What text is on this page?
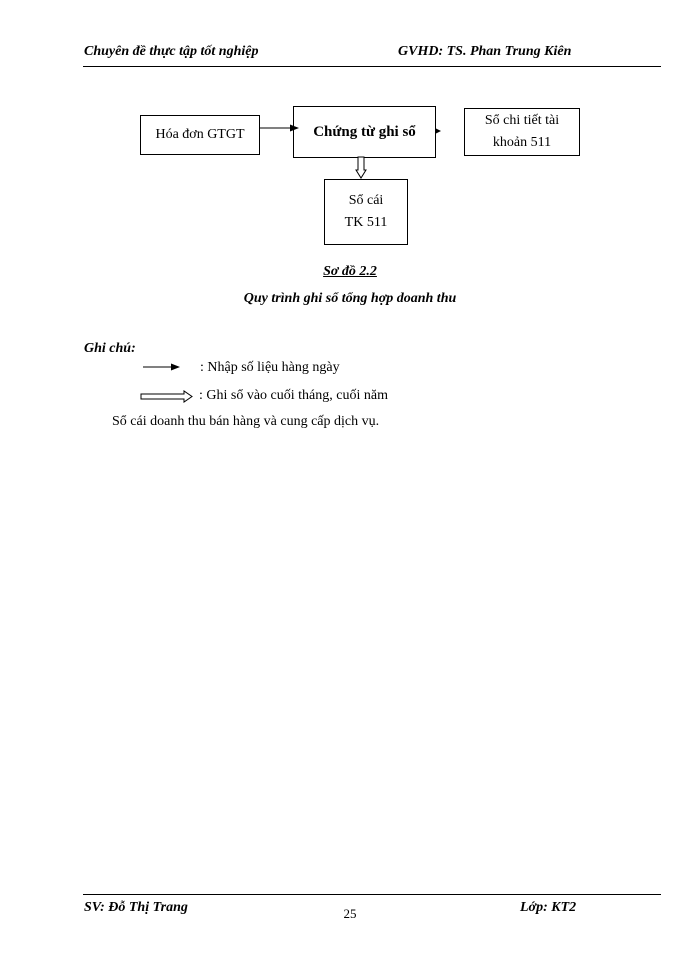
Chuyên đề thực tập tốt nghiệp	GVHD: TS. Phan Trung Kiên
Hóa đơn GTGT	Chứng từ ghi sổ
Sổ chi tiết tài
khoản 511
Sổ cái
TK 511
Sơ đồ 2.2
Quy trình ghi sổ tổng hợp doanh thu
Ghi chú:
: Nhập số liệu hàng ngày
: Ghi sổ vào cuối tháng, cuối năm
Sổ cái doanh thu bán hàng và cung cấp dịch vụ.
SV: Đỗ Thị Trang	25	Lớp: KT2
